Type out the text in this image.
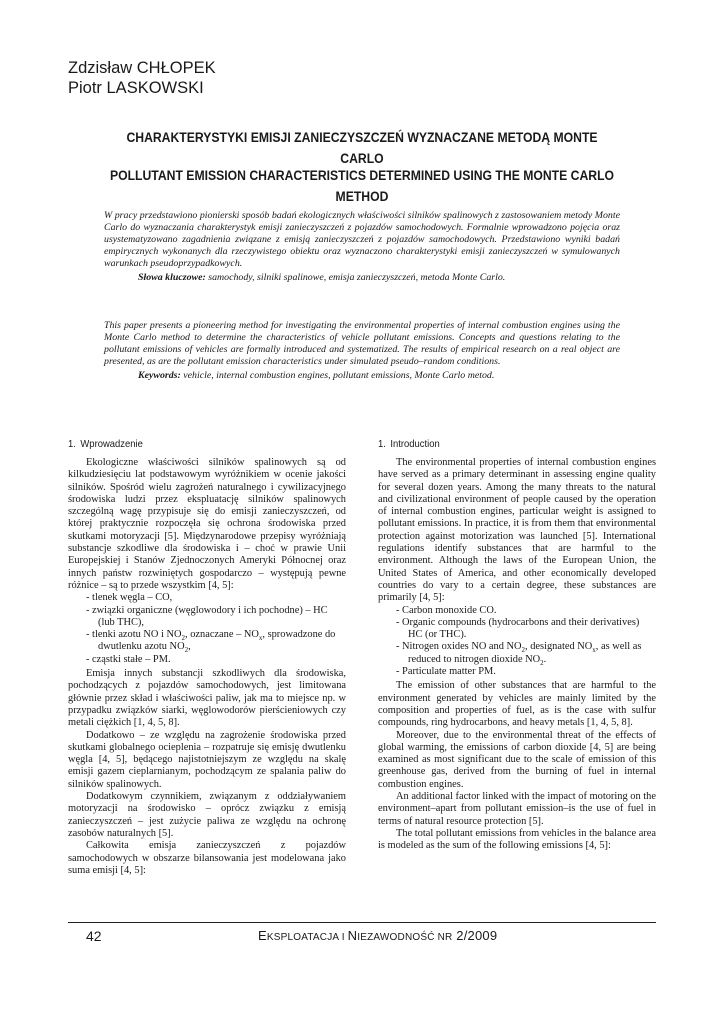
Zdzisław CHŁOPEK
Piotr LASKOWSKI
CHARAKTERYSTYKI EMISJI ZANIECZYSZCZEŃ WYZNACZANE METODĄ MONTE CARLO
POLLUTANT EMISSION CHARACTERISTICS DETERMINED USING THE MONTE CARLO METHOD

W pracy przedstawiono pionierski sposób badań ekologicznych właściwości silników spalinowych z zastosowaniem metody Monte Carlo do wyznaczania charakterystyk emisji zanieczyszczeń z pojazdów samochodowych. Formalnie wprowadzono pojęcia oraz usystematyzowano zagadnienia związane z emisją zanieczyszczeń z pojazdów samochodowych. Przedstawiono wyniki badań empirycznych wykonanych dla rzeczywistego obiektu oraz wyznaczono charakterystyki emisji zanieczyszczeń w symulowanych warunkach pseudoprzypadkowych.

Słowa kluczowe: samochody, silniki spalinowe, emisja zanieczyszczeń, metoda Monte Carlo.

This paper presents a pioneering method for investigating the environmental properties of internal combustion engines using the Monte Carlo method to determine the characteristics of vehicle pollutant emissions. Concepts and questions relating to the pollutant emissions of vehicles are formally introduced and systematized. The results of empirical research on a real object are presented, as are the pollutant emission characteristics under simulated pseudo–random conditions.

Keywords: vehicle, internal combustion engines, pollutant emissions, Monte Carlo metod.

1. Wprowadzenie

Ekologiczne właściwości silników spalinowych są od kilkudziesięciu lat podstawowym wyróżnikiem w ocenie jakości silników. Spośród wielu zagrożeń naturalnego i cywilizacyjnego środowiska ludzi przez ekspluatację silników spalinowych szczególną wagę przypisuje się do emisji zanieczyszczeń, od której praktycznie rozpoczęła się ochrona środowiska przed skutkami motoryzacji [5]. Międzynarodowe przepisy wyróżniają substancje szkodliwe dla środowiska i – choć w prawie Unii Europejskiej i Stanów Zjednoczonych Ameryki Północnej oraz innych państw rozwiniętych gospodarczo – występują pewne różnice – są to przede wszystkim [4, 5]:

- tlenek węgla – CO,
- związki organiczne (węglowodory i ich pochodne) – HC
(lub THC),
- tlenki azotu NO i $NO_2$, oznaczane – $NO_x$, sprowadzone do
dwutlenku azotu $NO_2$,
- cząstki stałe – PM.

Emisja innych substancji szkodliwych dla środowiska, pochodzących z pojazdów samochodowych, jest limitowana głównie przez skład i właściwości paliw, jak ma to miejsce np. w przypadku związków siarki, węglowodorów pierścieniowych czy metali ciężkich [1, 4, 5, 8].

Dodatkowo – ze względu na zagrożenie środowiska przed skutkami globalnego ocieplenia – rozpatruje się emisję dwutlenku węgla [4, 5], będącego najistotniejszym ze względu na skalę emisji gazem cieplarnianym, pochodzącym ze spalania paliw do silników spalinowych.

Dodatkowym czynnikiem, związanym z oddziaływaniem motoryzacji na środowisko – oprócz związku z emisją zanieczyszczeń – jest zużycie paliwa ze względu na ochronę zasobów naturalnych [5].

Całkowita emisja zanieczyszczeń z pojazdów samochodowych w obszarze bilansowania jest modelowana jako suma emisji [4, 5]:

1. Introduction

The environmental properties of internal combustion engines have served as a primary determinant in assessing engine quality for several dozen years. Among the many threats to the natural and civilizational environment of people caused by the operation of internal combustion engines, particular weight is assigned to pollutant emissions. In practice, it is from them that environmental protection against motorization was launched [5]. International regulations identify substances that are harmful to the environment. Although the laws of the European Union, the United States of America, and other economically developed countries do vary to a certain degree, these substances are primarily [4, 5]:

- Carbon monoxide CO.
- Organic compounds (hydrocarbons and their derivatives)
HC (or THC).
- Nitrogen oxides NO and $NO_2$, designated $NO_x$, as well as
reduced to nitrogen dioxide $NO_2$.
- Particulate matter PM.

The emission of other substances that are harmful to the environment generated by vehicles are mainly limited by the composition and properties of fuel, as is the case with sulfur compounds, ring hydrocarbons, and heavy metals [1, 4, 5, 8].

Moreover, due to the environmental threat of the effects of global warming, the emissions of carbon dioxide [4, 5] are being examined as most significant due to the scale of emission of this greenhouse gas, derived from the burning of fuel in internal combustion engines.

An additional factor linked with the impact of motoring on the environment–apart from pollutant emission–is the use of fuel in terms of natural resource protection [5].

The total pollutant emissions from vehicles in the balance area is modeled as the sum of the following emissions [4, 5]:

42	EKSPLOATACJA I NIEZAWODNOŚĆ NR 2/2009
